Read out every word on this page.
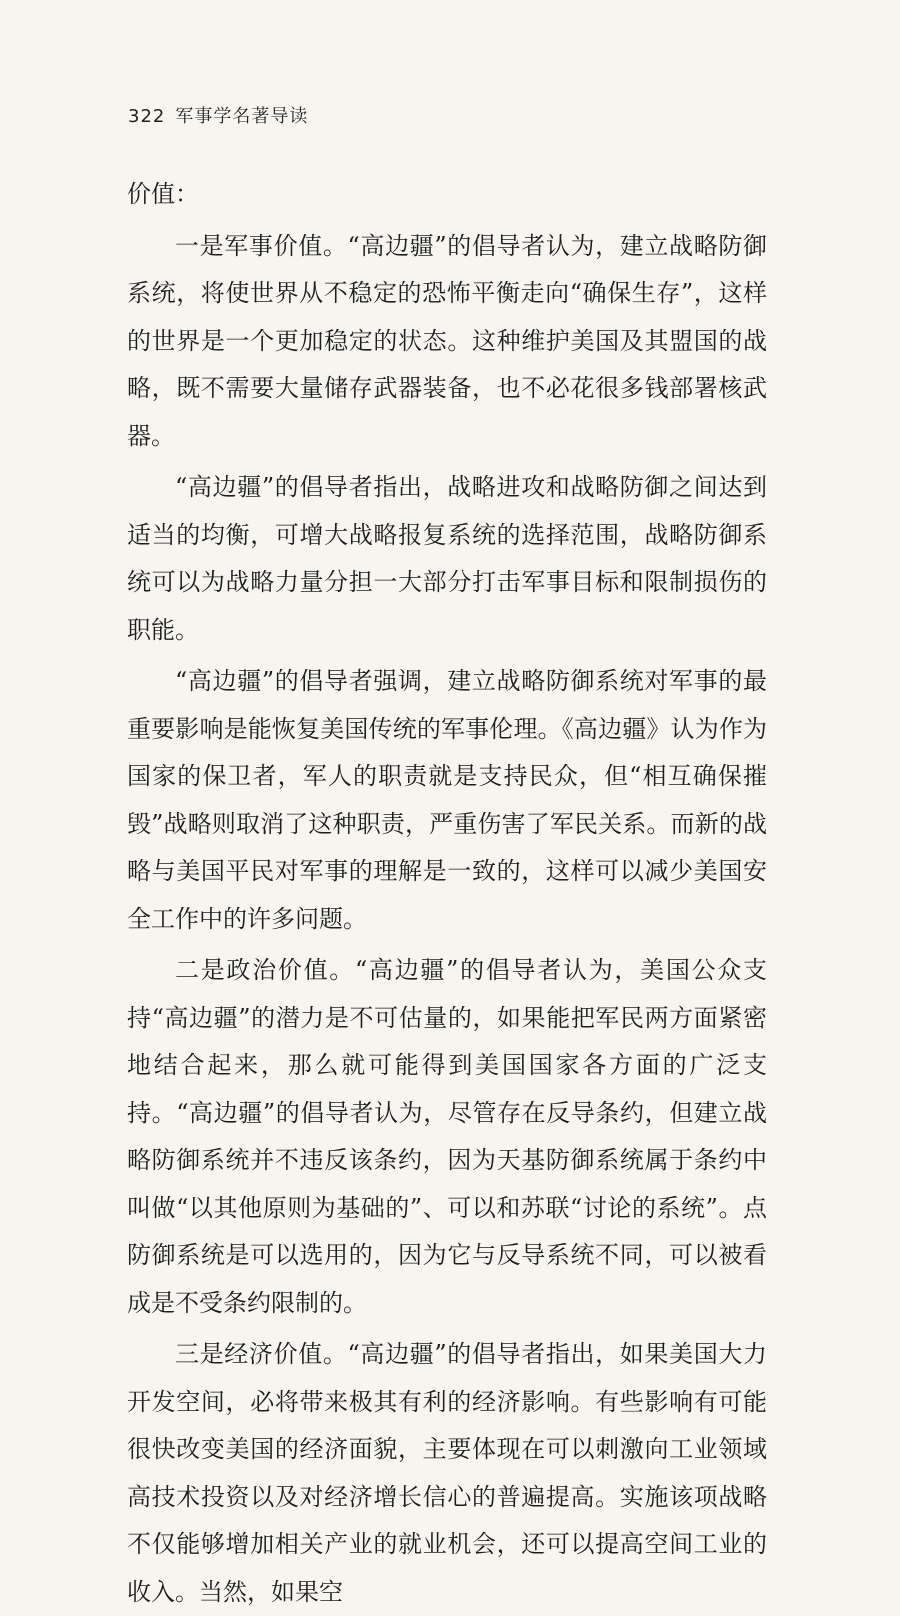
322 军事学名著导读

价值：

一是军事价值。“高边疆”的倡导者认为，建立战略防御系统，将使世界从不稳定的恐怖平衡走向“确保生存”，这样的世界是一个更加稳定的状态。这种维护美国及其盟国的战略，既不需要大量储存武器装备，也不必花很多钱部署核武器。

“高边疆”的倡导者指出，战略进攻和战略防御之间达到适当的均衡，可增大战略报复系统的选择范围，战略防御系统可以为战略力量分担一大部分打击军事目标和限制损伤的职能。

“高边疆”的倡导者强调，建立战略防御系统对军事的最重要影响是能恢复美国传统的军事伦理。《高边疆》认为作为国家的保卫者，军人的职责就是支持民众，但“相互确保摧毁”战略则取消了这种职责，严重伤害了军民关系。而新的战略与美国平民对军事的理解是一致的，这样可以减少美国安全工作中的许多问题。

二是政治价值。“高边疆”的倡导者认为，美国公众支持“高边疆”的潜力是不可估量的，如果能把军民两方面紧密地结合起来，那么就可能得到美国国家各方面的广泛支持。“高边疆”的倡导者认为，尽管存在反导条约，但建立战略防御系统并不违反该条约，因为天基防御系统属于条约中叫做“以其他原则为基础的”、可以和苏联“讨论的系统”。点防御系统是可以选用的，因为它与反导系统不同，可以被看成是不受条约限制的。

三是经济价值。“高边疆”的倡导者指出，如果美国大力开发空间，必将带来极其有利的经济影响。有些影响有可能很快改变美国的经济面貌，主要体现在可以刺激向工业领域高技术投资以及对经济增长信心的普遍提高。实施该项战略不仅能够增加相关产业的就业机会，还可以提高空间工业的收入。当然，如果空
